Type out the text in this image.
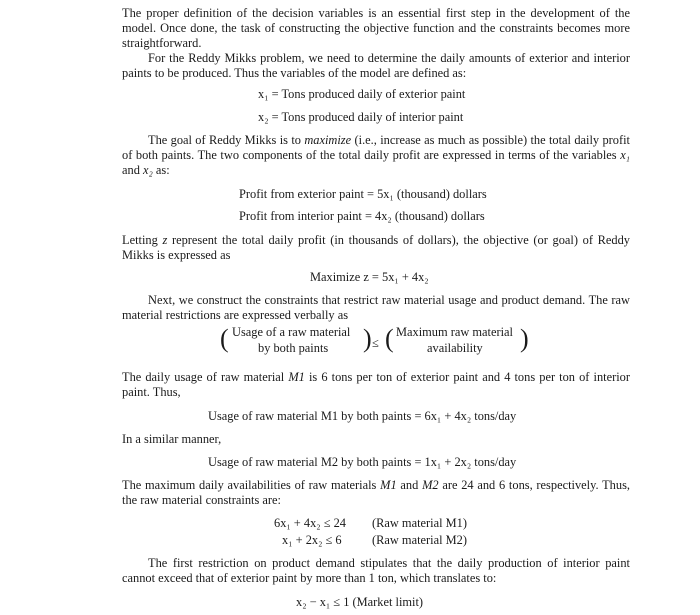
The proper definition of the decision variables is an essential first step in the development of the model. Once done, the task of constructing the objective function and the constraints becomes more straightforward.

For the Reddy Mikks problem, we need to determine the daily amounts of exterior and interior paints to be produced. Thus the variables of the model are defined as:

x₁ = Tons produced daily of exterior paint
x₂ = Tons produced daily of interior paint

The goal of Reddy Mikks is to maximize (i.e., increase as much as possible) the total daily profit of both paints. The two components of the total daily profit are expressed in terms of the variables x₁ and x₂ as:

Profit from exterior paint = 5x₁ (thousand) dollars
Profit from interior paint = 4x₂ (thousand) dollars

Letting z represent the total daily profit (in thousands of dollars), the objective (or goal) of Reddy Mikks is expressed as

Maximize z = 5x₁ + 4x₂

Next, we construct the constraints that restrict raw material usage and product demand. The raw material restrictions are expressed verbally as

( Usage of a raw material
by both paints ) ≤ ( Maximum raw material
availability )

The daily usage of raw material M1 is 6 tons per ton of exterior paint and 4 tons per ton of interior paint. Thus,

Usage of raw material M1 by both paints = 6x₁ + 4x₂ tons/day

In a similar manner,

Usage of raw material M2 by both paints = 1x₁ + 2x₂ tons/day

The maximum daily availabilities of raw materials M1 and M2 are 24 and 6 tons, respectively. Thus, the raw material constraints are:

6x₁ + 4x₂ ≤ 24 (Raw material M1)
x₁ + 2x₂ ≤ 6 (Raw material M2)

The first restriction on product demand stipulates that the daily production of interior paint cannot exceed that of exterior paint by more than 1 ton, which translates to:

x₂ − x₁ ≤ 1 (Market limit)
